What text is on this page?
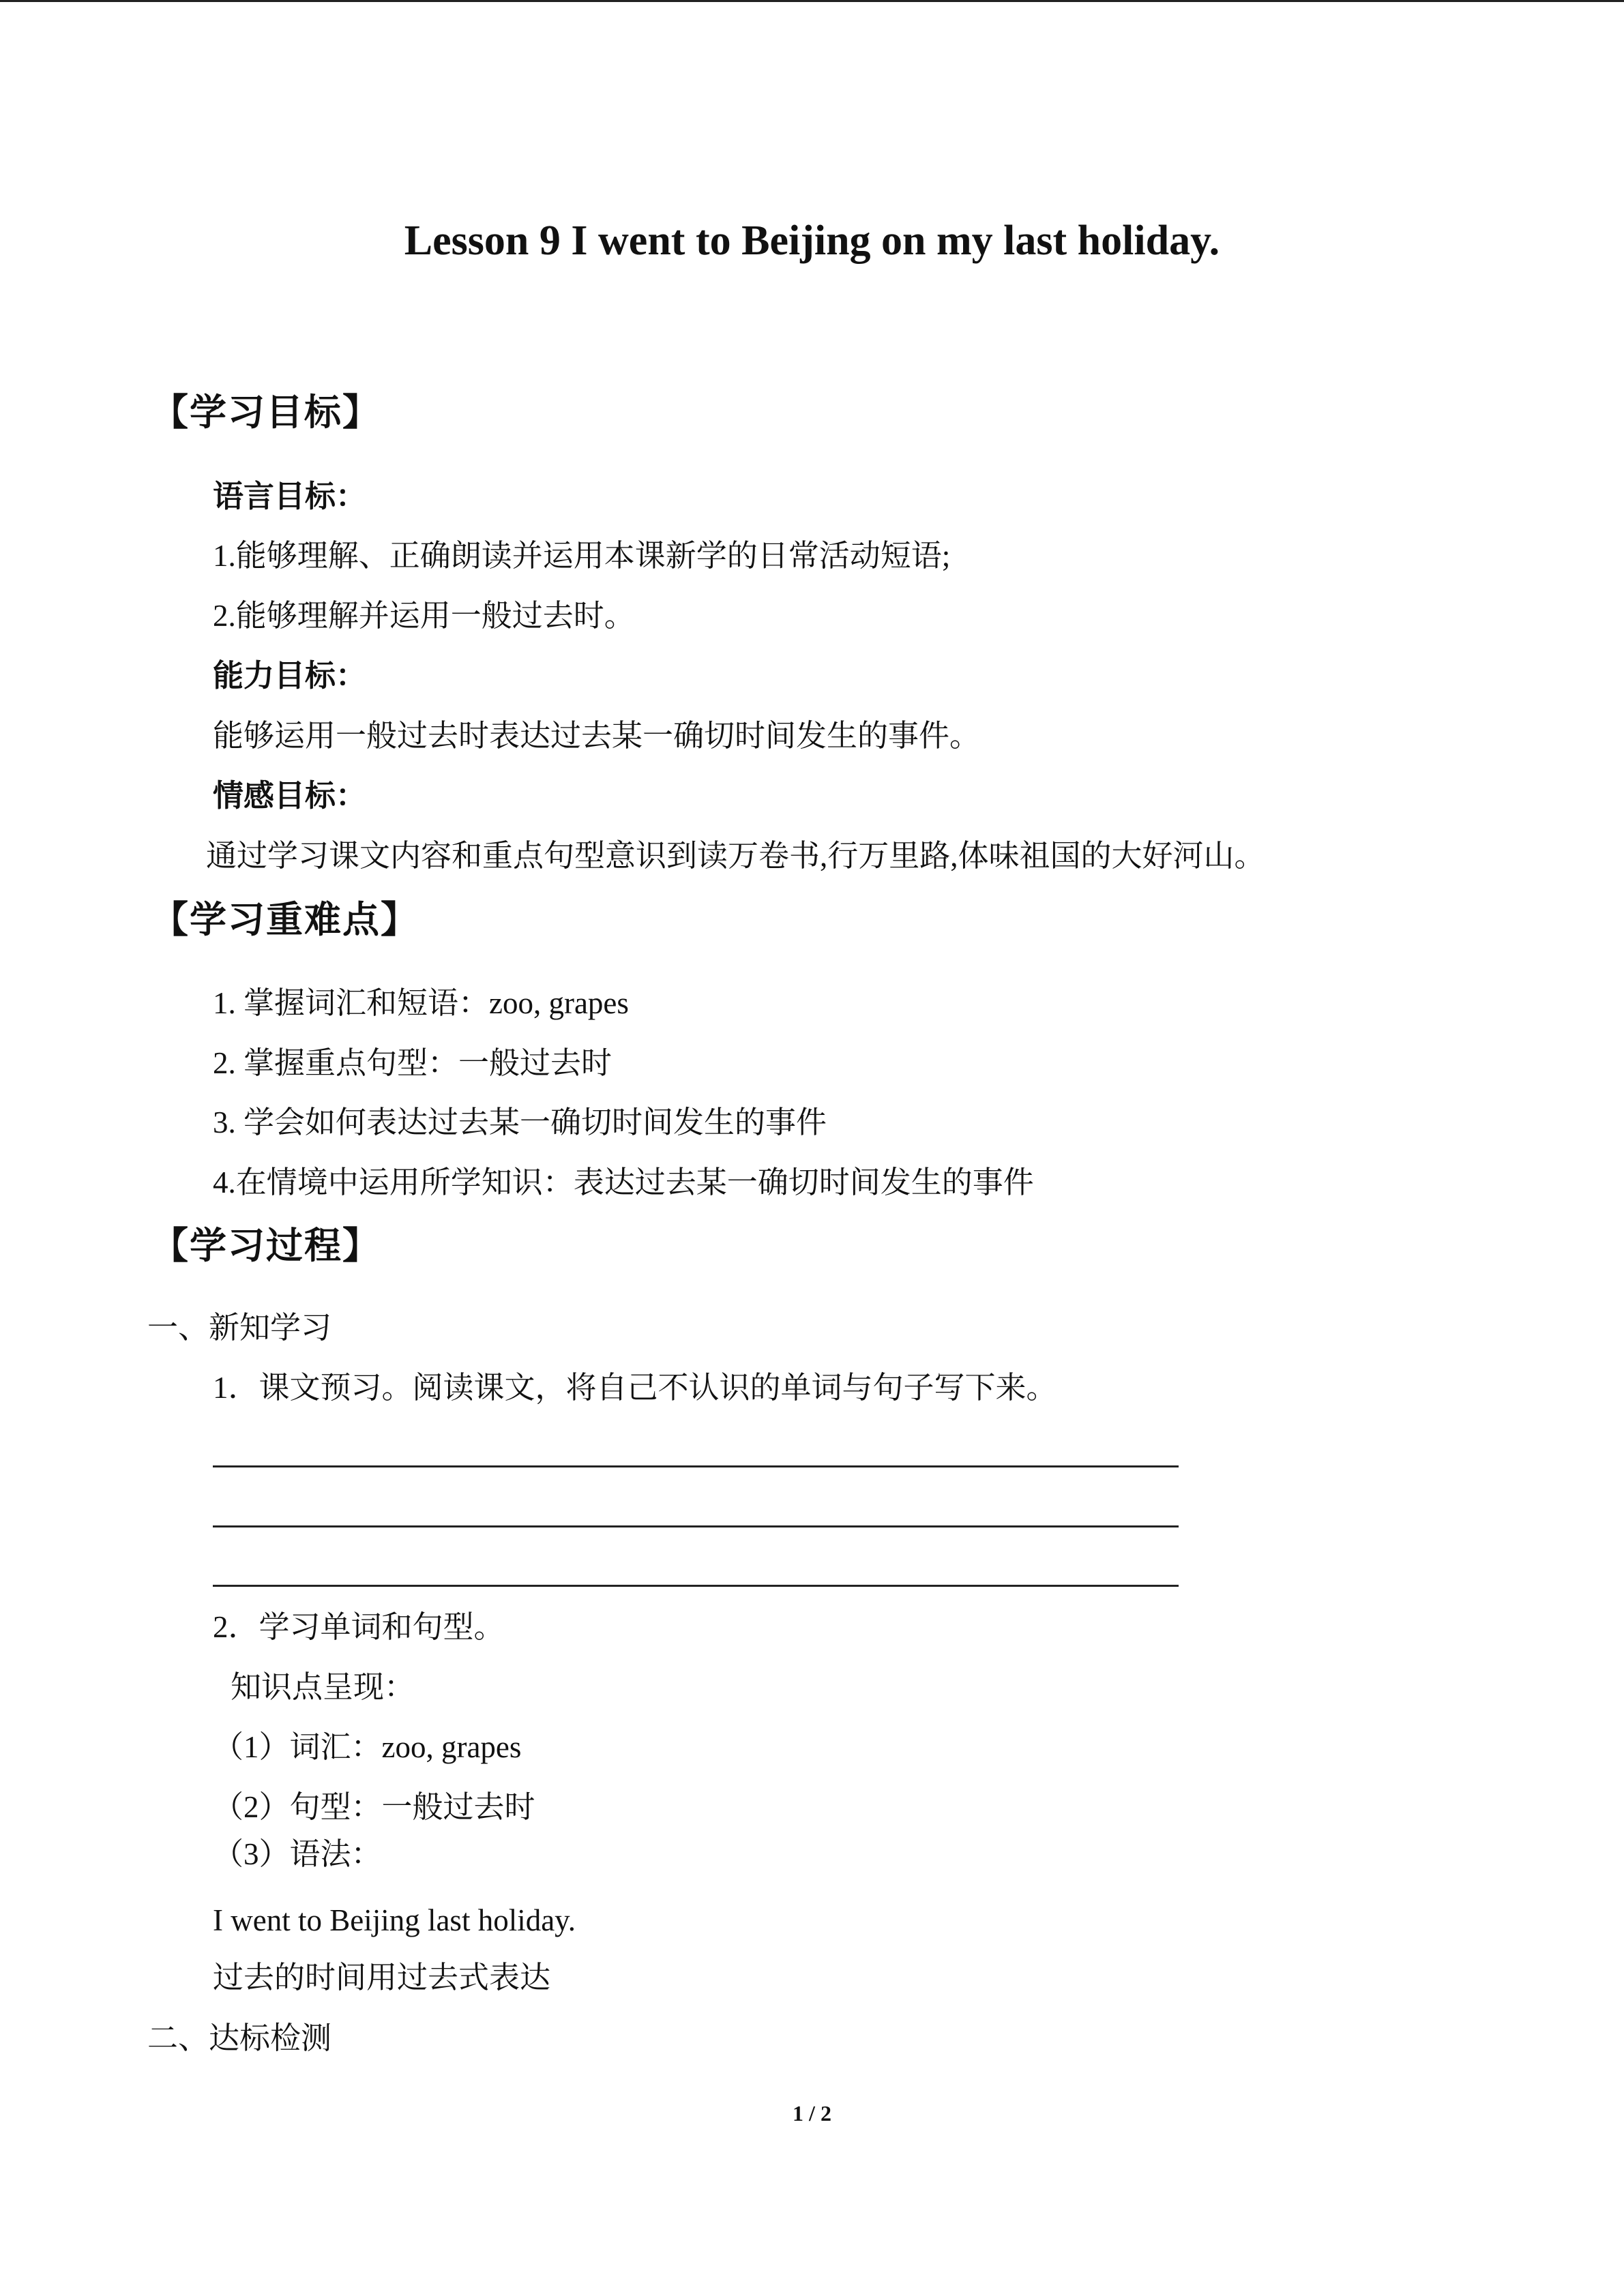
Lesson 9 I went to Beijing on my last holiday.
【学习目标】
语言目标：
1.能够理解、正确朗读并运用本课新学的日常活动短语;
2.能够理解并运用一般过去时。
能力目标：
能够运用一般过去时表达过去某一确切时间发生的事件。
情感目标：
通过学习课文内容和重点句型意识到读万卷书,行万里路,体味祖国的大好河山。
【学习重难点】
1. 掌握词汇和短语：zoo, grapes
2. 掌握重点句型：一般过去时
3. 学会如何表达过去某一确切时间发生的事件
4.在情境中运用所学知识：表达过去某一确切时间发生的事件
【学习过程】
一、新知学习
1．课文预习。阅读课文，将自己不认识的单词与句子写下来。
2．学习单词和句型。
知识点呈现：
（1）词汇：zoo, grapes
（2）句型：一般过去时
（3）语法：
I went to Beijing last holiday.
过去的时间用过去式表达
二、达标检测
1 / 2
